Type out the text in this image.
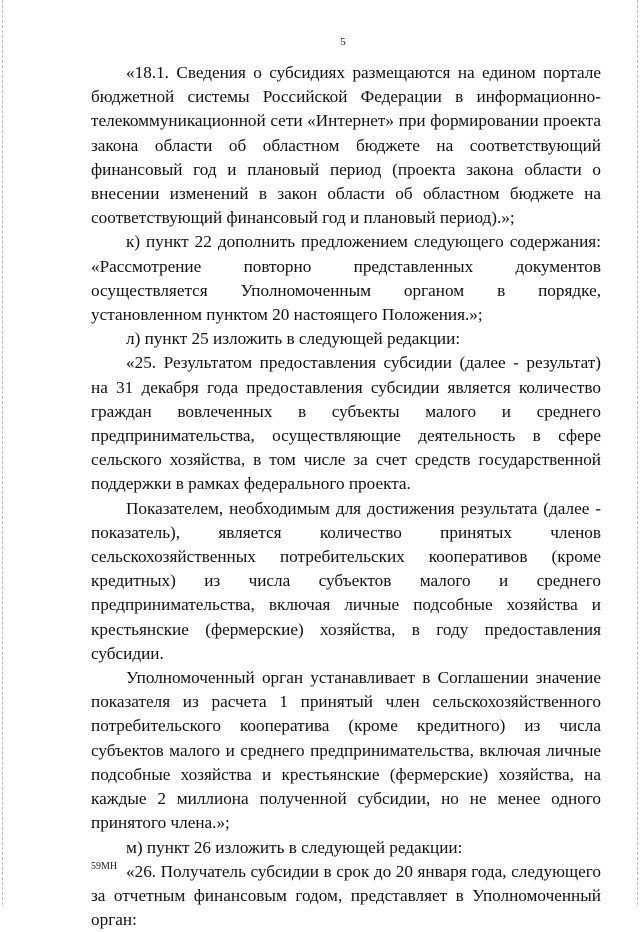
5

«18.1. Сведения о субсидиях размещаются на едином портале бюджетной системы Российской Федерации в информационно-телекоммуникационной сети «Интернет» при формировании проекта закона области об областном бюджете на соответствующий финансовый год и плановый период (проекта закона области о внесении изменений в закон области об областном бюджете на соответствующий финансовый год и плановый период).»;

к) пункт 22 дополнить предложением следующего содержания: «Рассмотрение повторно представленных документов осуществляется Уполномоченным органом в порядке, установленном пунктом 20 настоящего Положения.»;

л) пункт 25 изложить в следующей редакции:

«25. Результатом предоставления субсидии (далее - результат) на 31 декабря года предоставления субсидии является количество граждан вовлеченных в субъекты малого и среднего предпринимательства, осуществляющие деятельность в сфере сельского хозяйства, в том числе за счет средств государственной поддержки в рамках федерального проекта.

Показателем, необходимым для достижения результата (далее - показатель), является количество принятых членов сельскохозяйственных потребительских кооперативов (кроме кредитных) из числа субъектов малого и среднего предпринимательства, включая личные подсобные хозяйства и крестьянские (фермерские) хозяйства, в году предоставления субсидии.

Уполномоченный орган устанавливает в Соглашении значение показателя из расчета 1 принятый член сельскохозяйственного потребительского кооператива (кроме кредитного) из числа субъектов малого и среднего предпринимательства, включая личные подсобные хозяйства и крестьянские (фермерские) хозяйства, на каждые 2 миллиона полученной субсидии, но не менее одного принятого члена.»;

м) пункт 26 изложить в следующей редакции:

«26. Получатель субсидии в срок до 20 января года, следующего за отчетным финансовым годом, представляет в Уполномоченный орган:

59МН
